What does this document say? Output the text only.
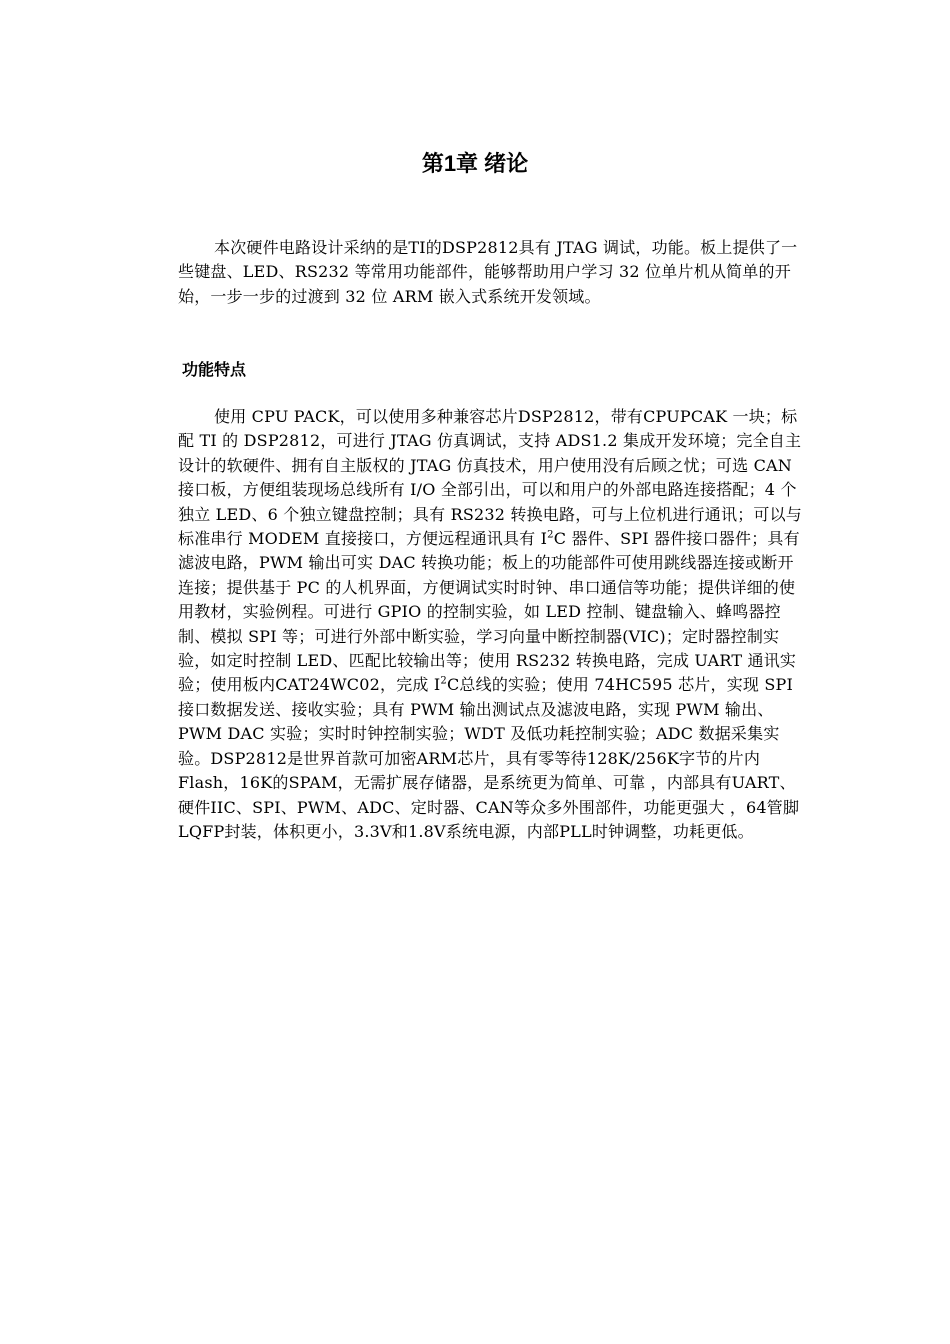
第1章 绪论

本次硬件电路设计采纳的是TI的DSP2812具有 JTAG 调试，功能。板上提供了一些键盘、LED、RS232 等常用功能部件，能够帮助用户学习 32 位单片机从简单的开始，一步一步的过渡到 32 位 ARM 嵌入式系统开发领域。

功能特点

使用 CPU PACK，可以使用多种兼容芯片DSP2812，带有CPUPCAK 一块；标配 TI 的 DSP2812，可进行 JTAG 仿真调试，支持 ADS1.2 集成开发环境；完全自主设计的软硬件、拥有自主版权的 JTAG 仿真技术，用户使用没有后顾之忧；可选 CAN 接口板，方便组装现场总线所有 I/O 全部引出，可以和用户的外部电路连接搭配；4 个独立 LED、6 个独立键盘控制；具有 RS232 转换电路，可与上位机进行通讯；可以与标准串行 MODEM 直接接口，方便远程通讯具有 $I^2C$ 器件、SPI 器件接口器件；具有滤波电路，PWM 输出可实 DAC 转换功能；板上的功能部件可使用跳线器连接或断开连接；提供基于 PC 的人机界面，方便调试实时时钟、串口通信等功能；提供详细的使用教材，实验例程。可进行 GPIO 的控制实验，如 LED 控制、键盘输入、蜂鸣器控制、模拟 SPI 等；可进行外部中断实验，学习向量中断控制器(VIC)；定时器控制实验，如定时控制 LED、匹配比较输出等；使用 RS232 转换电路，完成 UART 通讯实验；使用板内CAT24WC02，完成 $I^2C$总线的实验；使用 74HC595 芯片，实现 SPI 接口数据发送、接收实验；具有 PWM 输出测试点及滤波电路，实现 PWM 输出、PWM DAC 实验；实时时钟控制实验；WDT 及低功耗控制实验；ADC 数据采集实验。DSP2812是世界首款可加密ARM芯片，具有零等待128K/256K字节的片内Flash，16K的SPAM，无需扩展存储器，是系统更为简单、可靠 ，内部具有UART、硬件IIC、SPI、PWM、ADC、定时器、CAN等众多外围部件，功能更强大 ，64管脚LQFP封装，体积更小，3.3V和1.8V系统电源，内部PLL时钟调整，功耗更低。
